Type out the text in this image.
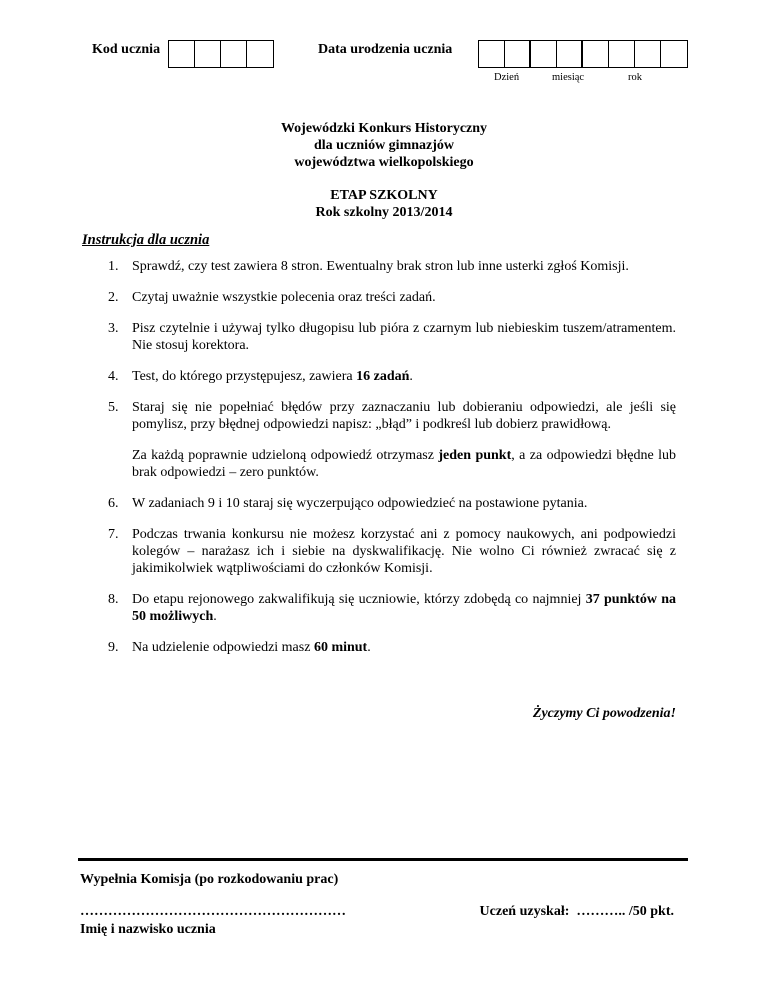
Kod ucznia	Data urodzenia ucznia
Dzień	miesiąc	rok
Wojewódzki Konkurs Historyczny
dla uczniów gimnazjów
województwa wielkopolskiego
ETAP SZKOLNY
Rok szkolny 2013/2014
Instrukcja dla ucznia
1. Sprawdź, czy test zawiera 8 stron. Ewentualny brak stron lub inne usterki zgłoś Komisji.
2. Czytaj uważnie wszystkie polecenia oraz treści zadań.
3. Pisz czytelnie i używaj tylko długopisu lub pióra z czarnym lub niebieskim tuszem/atramentem. Nie stosuj korektora.
4. Test, do którego przystępujesz, zawiera 16 zadań.
5. Staraj się nie popełniać błędów przy zaznaczaniu lub dobieraniu odpowiedzi, ale jeśli się pomylisz, przy błędnej odpowiedzi napisz: „błąd” i podkreśl lub dobierz prawidłową.
Za każdą poprawnie udzieloną odpowiedź otrzymasz jeden punkt, a za odpowiedzi błędne lub brak odpowiedzi – zero punktów.
6. W zadaniach 9 i 10 staraj się wyczerpująco odpowiedzieć na postawione pytania.
7. Podczas trwania konkursu nie możesz korzystać ani z pomocy naukowych, ani podpowiedzi kolegów – narażasz ich i siebie na dyskwalifikację. Nie wolno Ci również zwracać się z jakimikolwiek wątpliwościami do członków Komisji.
8. Do etapu rejonowego zakwalifikują się uczniowie, którzy zdobędą co najmniej 37 punktów na 50 możliwych.
9. Na udzielenie odpowiedzi masz 60 minut.
Życzymy Ci powodzenia!
Wypełnia Komisja (po rozkodowaniu prac)
…………………………………………………
Imię i nazwisko ucznia
Uczeń uzyskał:  ……….. /50 pkt.
